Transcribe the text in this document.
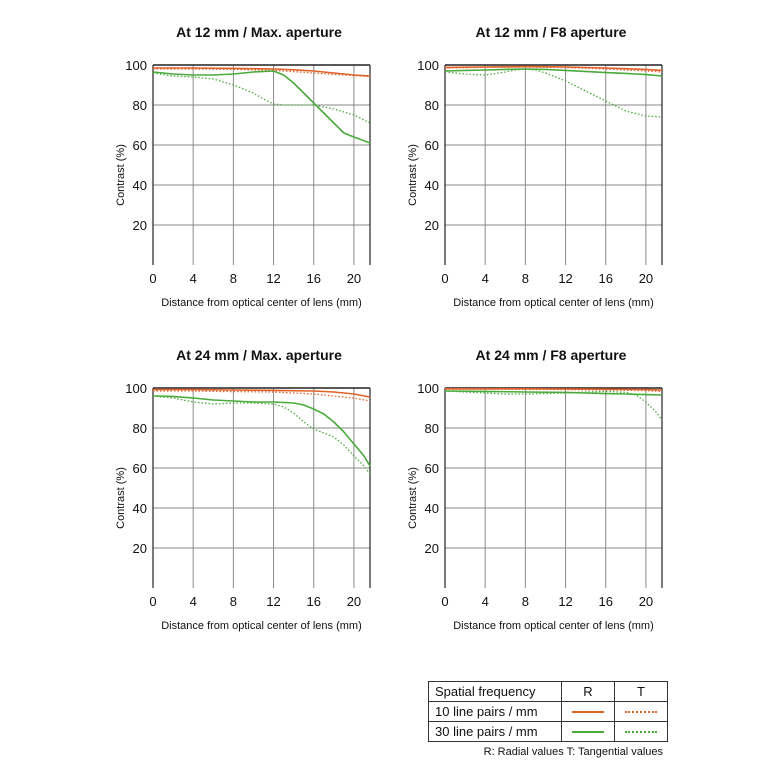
At 12 mm / Max. aperture
0	4	8 12 16 20
20
40
60
80
100
Distance from optical center of lens (mm)
Contrast (%)
At 12 mm / F8 aperture
0	4	8 12 16 20
20
40
60
80
100
Distance from optical center of lens (mm)
Contrast (%)
At 24 mm / Max. aperture
0	4	8 12 16 20
20
40
60
80
100
Distance from optical center of lens (mm)
Contrast (%)
At 24 mm / F8 aperture
0	4	8 12 16 20
20
40
60
80
100
Distance from optical center of lens (mm)
Contrast (%)
Spatial frequency	R	T
10 line pairs / mm	

30 line pairs / mm	

R: Radial values T: Tangential values
